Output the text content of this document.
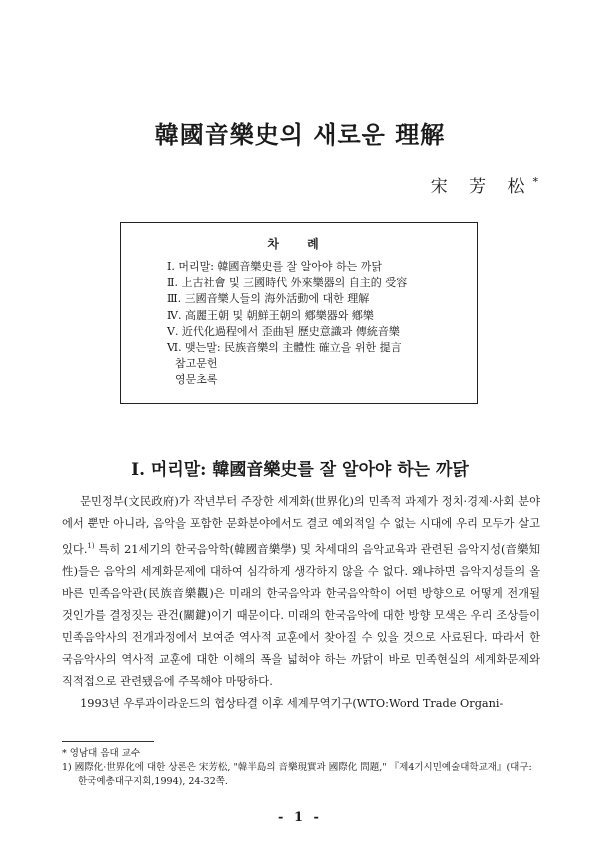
韓國音樂史의 새로운 理解
宋 芳 松*
차 례
Ⅰ. 머리말: 韓國音樂史를 잘 알아야 하는 까닭
Ⅱ. 上古社會 및 三國時代 外來樂器의 自主的 受容
Ⅲ. 三國音樂人들의 海外活動에 대한 理解
Ⅳ. 高麗王朝 및 朝鮮王朝의 鄕樂器와 鄕樂
Ⅴ. 近代化過程에서 歪曲된 歷史意識과 傳統音樂
Ⅵ. 맺는말: 民族音樂의 主體性 確立을 위한 提言
참고문헌
영문초록
Ⅰ. 머리말: 韓國音樂史를 잘 알아야 하는 까닭

문민정부(文民政府)가 작년부터 주장한 세계화(世界化)의 민족적 과제가 정치·경제·사회 분야에서 뿐만 아니라, 음악을 포함한 문화분야에서도 결코 예외적일 수 없는 시대에 우리 모두가 살고 있다.$^{1)}$ 특히 21세기의 한국음악학(韓國音樂學) 및 차세대의 음악교육과 관련된 음악지성(音樂知性)들은 음악의 세계화문제에 대하여 심각하게 생각하지 않을 수 없다. 왜냐하면 음악지성들의 올바른 민족음악관(民族音樂觀)은 미래의 한국음악과 한국음악학이 어떤 방향으로 어떻게 전개될 것인가를 결정짓는 관건(關鍵)이기 때문이다. 미래의 한국음악에 대한 방향 모색은 우리 조상들이 민족음악사의 전개과정에서 보여준 역사적 교훈에서 찾아질 수 있을 것으로 사료된다. 따라서 한국음악사의 역사적 교훈에 대한 이해의 폭을 넓혀야 하는 까닭이 바로 민족현실의 세계화문제와 직적접으로 관련됐음에 주목해야 마땅하다.

1993년 우루과이라운드의 협상타결 이후 세계무역기구(WTO:Word Trade Organi-

* 영남대 음대 교수
1) 國際化·世界化에 대한 상론은 宋芳松, "韓半島의 音樂現實과 國際化 問題," 『제4기시민예술대학교재』(대구:한국예총대구지회,1994), 24-32쪽.
- 1 -
